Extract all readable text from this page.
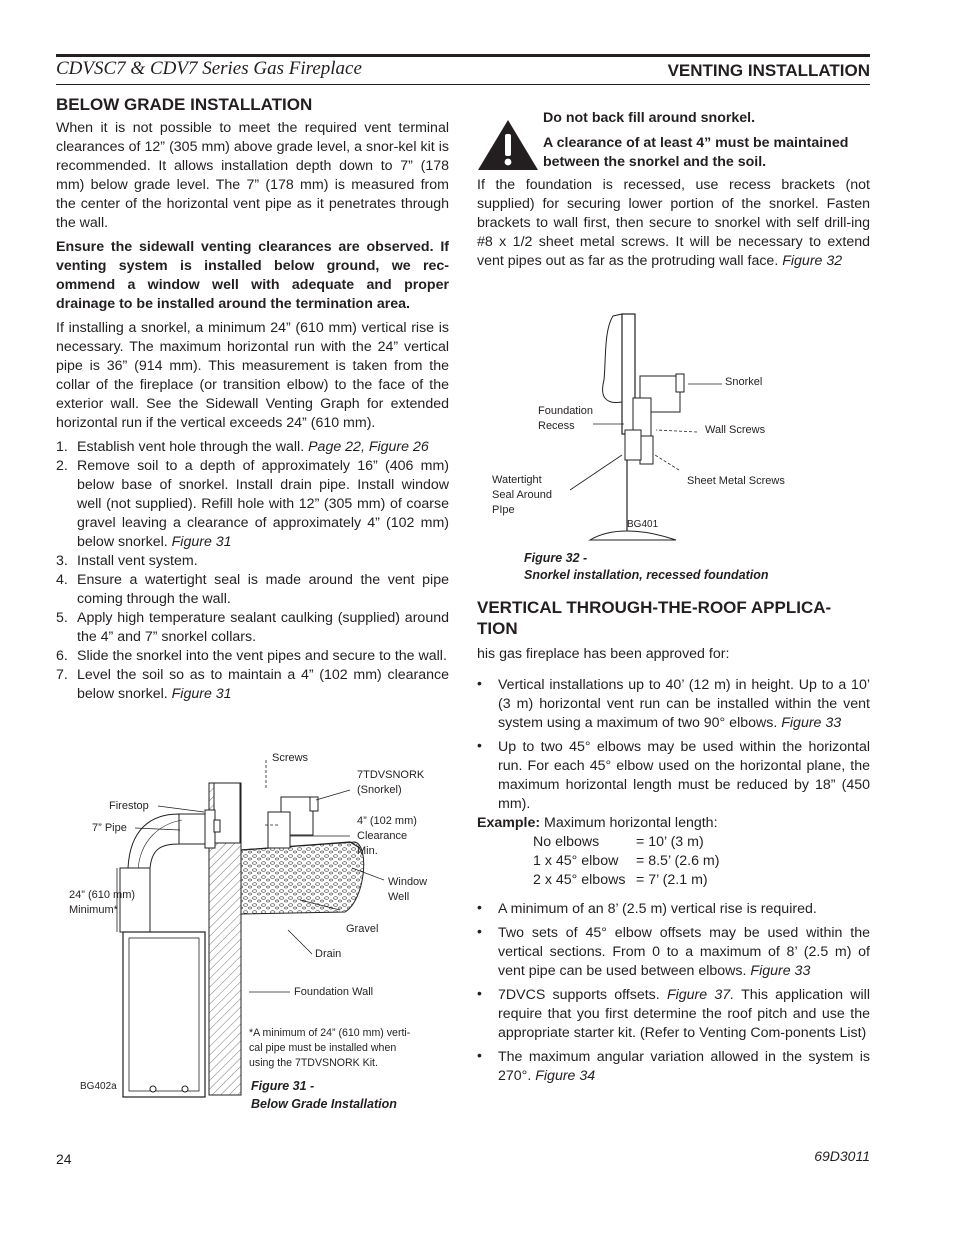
CDVSC7 & CDV7 Series Gas Fireplace	VENTING INSTALLATION
BELOW GRADE INSTALLATION

When it is not possible to meet the required vent terminal clearances of 12” (305 mm) above grade level, a snor-kel kit is recommended. It allows installation depth down to 7” (178 mm) below grade level. The 7” (178 mm) is measured from the center of the horizontal vent pipe as it penetrates through the wall.

Ensure the sidewall venting clearances are observed. If venting system is installed below ground, we rec-ommend a window well with adequate and proper drainage to be installed around the termination area.

If installing a snorkel, a minimum 24” (610 mm) vertical rise is necessary. The maximum horizontal run with the 24” vertical pipe is 36” (914 mm). This measurement is taken from the collar of the fireplace (or transition elbow) to the face of the exterior wall. See the Sidewall Venting Graph for extended horizontal run if the vertical exceeds 24” (610 mm).

1. Establish vent hole through the wall. Page 22, Figure 26
2. Remove soil to a depth of approximately 16” (406 mm) below base of snorkel. Install drain pipe. Install window well (not supplied). Refill hole with 12” (305 mm) of coarse gravel leaving a clearance of approximately 4” (102 mm) below snorkel. Figure 31
3. Install vent system.
4. Ensure a watertight seal is made around the vent pipe coming through the wall.
5. Apply high temperature sealant caulking (supplied) around the 4” and 7” snorkel collars.
6. Slide the snorkel into the vent pipes and secure to the wall.
7. Level the soil so as to maintain a 4” (102 mm) clearance below snorkel. Figure 31
Screws
7TDVSNORK
(Snorkel)
Firestop
7” Pipe
4” (102 mm)
Clearance
Min.
Window
Well
24” (610 mm)
Minimum*
Gravel
Drain
Foundation Wall
*A minimum of 24” (610 mm) verti-
cal pipe must be installed when
using the 7TDVSNORK Kit.
BG402a	Figure 31 -
Below Grade Installation
Do not back fill around snorkel.
A clearance of at least 4” must be maintained between the snorkel and the soil.
If the foundation is recessed, use recess brackets (not supplied) for securing lower portion of the snorkel. Fasten brackets to wall first, then secure to snorkel with self drill-ing #8 x 1/2 sheet metal screws. It will be necessary to extend vent pipes out as far as the protruding wall face. Figure 32
Snorkel
Foundation
Recess	Wall Screws
Watertight
Seal Around
PIpe
Sheet Metal Screws
BG401
Figure 32 -
Snorkel installation, recessed foundation
VERTICAL THROUGH-THE-ROOF APPLICA-
TION

his gas fireplace has been approved for:

• Vertical installations up to 40’ (12 m) in height. Up to a 10’ (3 m) horizontal vent run can be installed within the vent system using a maximum of two 90° elbows. Figure 33
• Up to two 45° elbows may be used within the horizontal run. For each 45° elbow used on the horizontal plane, the maximum horizontal length must be reduced by 18” (450 mm).
Example: Maximum horizontal length:
No elbows	= 10’ (3 m)
1 x 45° elbow	= 8.5’ (2.6 m)
2 x 45° elbows = 7’ (2.1 m)
• A minimum of an 8’ (2.5 m) vertical rise is required.
• Two sets of 45° elbow offsets may be used within the vertical sections. From 0 to a maximum of 8’ (2.5 m) of vent pipe can be used between elbows. Figure 33
• 7DVCS supports offsets. Figure 37. This application will require that you first determine the roof pitch and use the appropriate starter kit. (Refer to Venting Com-ponents List)
• The maximum angular variation allowed in the system is 270°. Figure 34
24	69D3011
